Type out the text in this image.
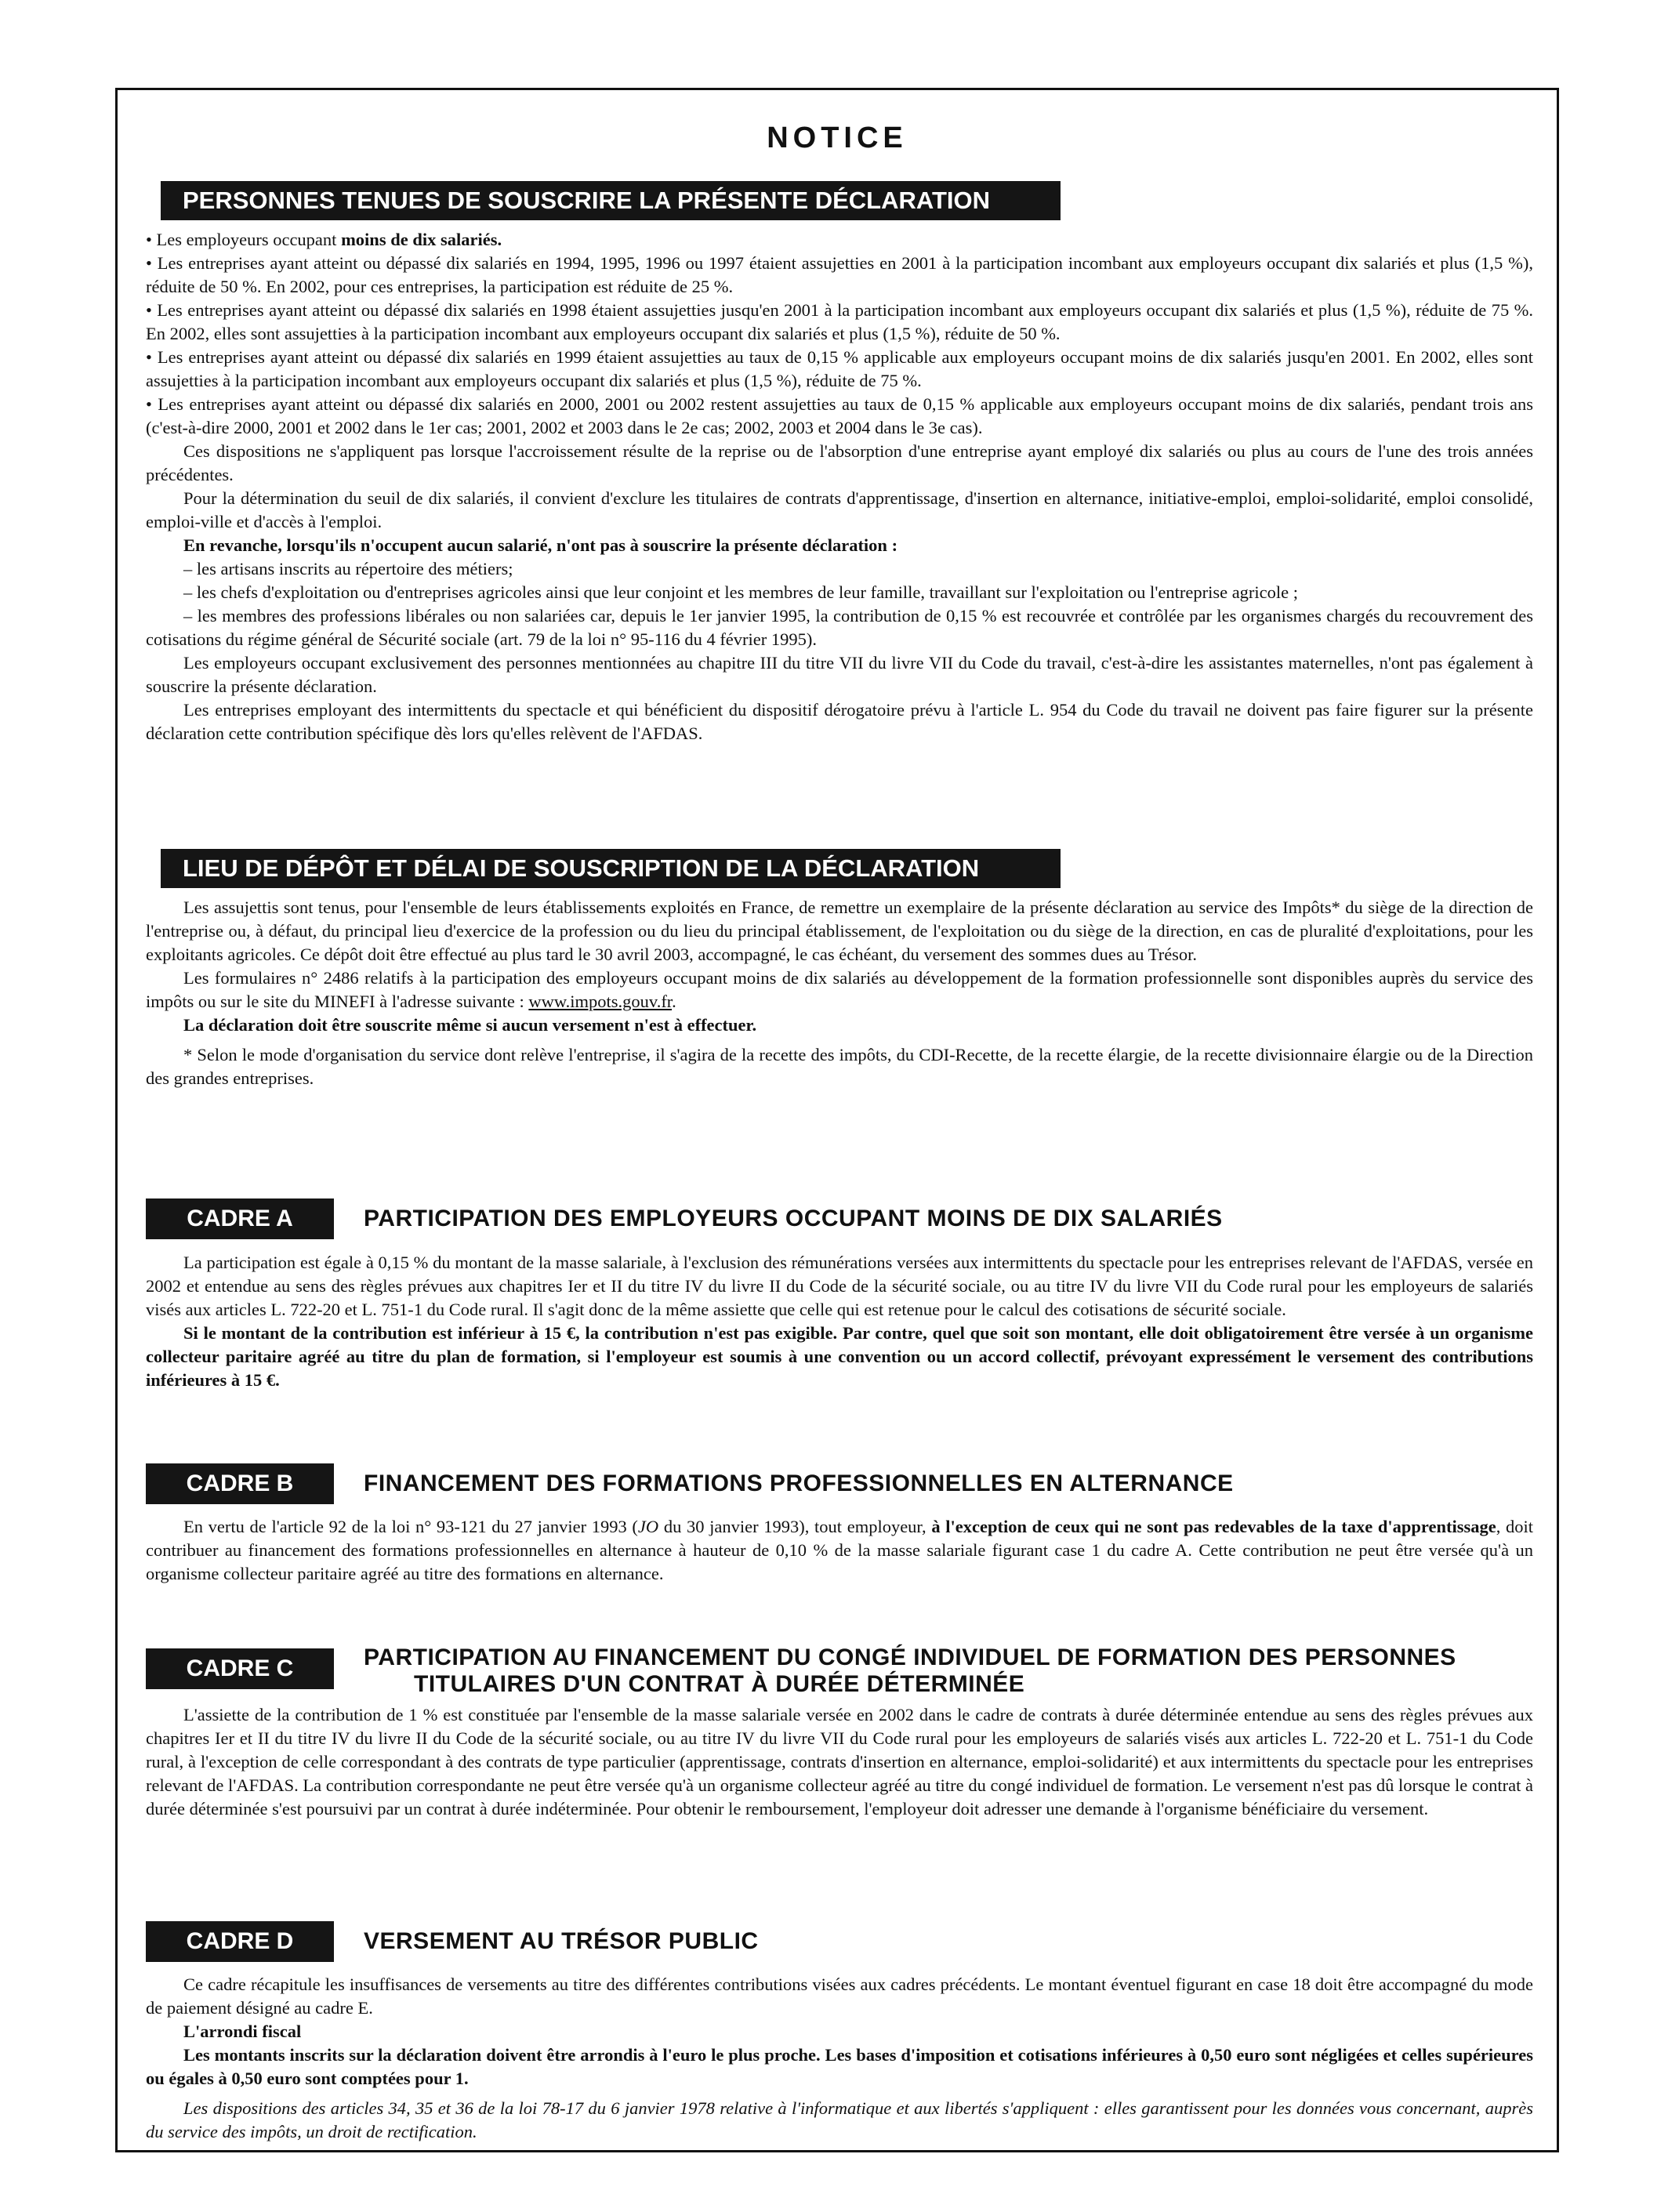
NOTICE
PERSONNES TENUES DE SOUSCRIRE LA PRÉSENTE DÉCLARATION

• Les employeurs occupant moins de dix salariés.

• Les entreprises ayant atteint ou dépassé dix salariés en 1994, 1995, 1996 ou 1997 étaient assujetties en 2001 à la participation incombant aux employeurs occupant dix salariés et plus (1,5 %), réduite de 50 %. En 2002, pour ces entreprises, la participation est réduite de 25 %.

• Les entreprises ayant atteint ou dépassé dix salariés en 1998 étaient assujetties jusqu'en 2001 à la participation incombant aux employeurs occupant dix salariés et plus (1,5 %), réduite de 75 %. En 2002, elles sont assujetties à la participation incombant aux employeurs occupant dix salariés et plus (1,5 %), réduite de 50 %.

• Les entreprises ayant atteint ou dépassé dix salariés en 1999 étaient assujetties au taux de 0,15 % applicable aux employeurs occupant moins de dix salariés jusqu'en 2001. En 2002, elles sont assujetties à la participation incombant aux employeurs occupant dix salariés et plus (1,5 %), réduite de 75 %.

• Les entreprises ayant atteint ou dépassé dix salariés en 2000, 2001 ou 2002 restent assujetties au taux de 0,15 % applicable aux employeurs occupant moins de dix salariés, pendant trois ans (c'est-à-dire 2000, 2001 et 2002 dans le 1er cas; 2001, 2002 et 2003 dans le 2e cas; 2002, 2003 et 2004 dans le 3e cas).

Ces dispositions ne s'appliquent pas lorsque l'accroissement résulte de la reprise ou de l'absorption d'une entreprise ayant employé dix salariés ou plus au cours de l'une des trois années précédentes.

Pour la détermination du seuil de dix salariés, il convient d'exclure les titulaires de contrats d'apprentissage, d'insertion en alternance, initiative-emploi, emploi-solidarité, emploi consolidé, emploi-ville et d'accès à l'emploi.

En revanche, lorsqu'ils n'occupent aucun salarié, n'ont pas à souscrire la présente déclaration :

– les artisans inscrits au répertoire des métiers;

– les chefs d'exploitation ou d'entreprises agricoles ainsi que leur conjoint et les membres de leur famille, travaillant sur l'exploitation ou l'entreprise agricole ;

– les membres des professions libérales ou non salariées car, depuis le 1er janvier 1995, la contribution de 0,15 % est recouvrée et contrôlée par les organismes chargés du recouvrement des cotisations du régime général de Sécurité sociale (art. 79 de la loi n° 95-116 du 4 février 1995).

Les employeurs occupant exclusivement des personnes mentionnées au chapitre III du titre VII du livre VII du Code du travail, c'est-à-dire les assistantes maternelles, n'ont pas également à souscrire la présente déclaration.

Les entreprises employant des intermittents du spectacle et qui bénéficient du dispositif dérogatoire prévu à l'article L. 954 du Code du travail ne doivent pas faire figurer sur la présente déclaration cette contribution spécifique dès lors qu'elles relèvent de l'AFDAS.

LIEU DE DÉPÔT ET DÉLAI DE SOUSCRIPTION DE LA DÉCLARATION

Les assujettis sont tenus, pour l'ensemble de leurs établissements exploités en France, de remettre un exemplaire de la présente déclaration au service des Impôts* du siège de la direction de l'entreprise ou, à défaut, du principal lieu d'exercice de la profession ou du lieu du principal établissement, de l'exploitation ou du siège de la direction, en cas de pluralité d'exploitations, pour les exploitants agricoles. Ce dépôt doit être effectué au plus tard le 30 avril 2003, accompagné, le cas échéant, du versement des sommes dues au Trésor.

Les formulaires n° 2486 relatifs à la participation des employeurs occupant moins de dix salariés au développement de la formation professionnelle sont disponibles auprès du service des impôts ou sur le site du MINEFI à l'adresse suivante : www.impots.gouv.fr.

La déclaration doit être souscrite même si aucun versement n'est à effectuer.

* Selon le mode d'organisation du service dont relève l'entreprise, il s'agira de la recette des impôts, du CDI-Recette, de la recette élargie, de la recette divisionnaire élargie ou de la Direction des grandes entreprises.

CADRE A	PARTICIPATION DES EMPLOYEURS OCCUPANT MOINS DE DIX SALARIÉS

La participation est égale à 0,15 % du montant de la masse salariale, à l'exclusion des rémunérations versées aux intermittents du spectacle pour les entreprises relevant de l'AFDAS, versée en 2002 et entendue au sens des règles prévues aux chapitres Ier et II du titre IV du livre II du Code de la sécurité sociale, ou au titre IV du livre VII du Code rural pour les employeurs de salariés visés aux articles L. 722-20 et L. 751-1 du Code rural. Il s'agit donc de la même assiette que celle qui est retenue pour le calcul des cotisations de sécurité sociale.

Si le montant de la contribution est inférieur à 15 €, la contribution n'est pas exigible. Par contre, quel que soit son montant, elle doit obligatoirement être versée à un organisme collecteur paritaire agréé au titre du plan de formation, si l'employeur est soumis à une convention ou un accord collectif, prévoyant expressément le versement des contributions inférieures à 15 €.

CADRE B	FINANCEMENT DES FORMATIONS PROFESSIONNELLES EN ALTERNANCE

En vertu de l'article 92 de la loi n° 93-121 du 27 janvier 1993 (JO du 30 janvier 1993), tout employeur, à l'exception de ceux qui ne sont pas redevables de la taxe d'apprentissage, doit contribuer au financement des formations professionnelles en alternance à hauteur de 0,10 % de la masse salariale figurant case 1 du cadre A. Cette contribution ne peut être versée qu'à un organisme collecteur paritaire agréé au titre des formations en alternance.

CADRE C	PARTICIPATION AU FINANCEMENT DU CONGÉ INDIVIDUEL DE FORMATION DES PERSONNES
TITULAIRES D'UN CONTRAT À DURÉE DÉTERMINÉE

L'assiette de la contribution de 1 % est constituée par l'ensemble de la masse salariale versée en 2002 dans le cadre de contrats à durée déterminée entendue au sens des règles prévues aux chapitres Ier et II du titre IV du livre II du Code de la sécurité sociale, ou au titre IV du livre VII du Code rural pour les employeurs de salariés visés aux articles L. 722-20 et L. 751-1 du Code rural, à l'exception de celle correspondant à des contrats de type particulier (apprentissage, contrats d'insertion en alternance, emploi-solidarité) et aux intermittents du spectacle pour les entreprises relevant de l'AFDAS. La contribution correspondante ne peut être versée qu'à un organisme collecteur agréé au titre du congé individuel de formation. Le versement n'est pas dû lorsque le contrat à durée déterminée s'est poursuivi par un contrat à durée indéterminée. Pour obtenir le remboursement, l'employeur doit adresser une demande à l'organisme bénéficiaire du versement.

CADRE D	VERSEMENT AU TRÉSOR PUBLIC

Ce cadre récapitule les insuffisances de versements au titre des différentes contributions visées aux cadres précédents. Le montant éventuel figurant en case 18 doit être accompagné du mode de paiement désigné au cadre E.

L'arrondi fiscal

Les montants inscrits sur la déclaration doivent être arrondis à l'euro le plus proche. Les bases d'imposition et cotisations inférieures à 0,50 euro sont négligées et celles supérieures ou égales à 0,50 euro sont comptées pour 1.

Les dispositions des articles 34, 35 et 36 de la loi 78-17 du 6 janvier 1978 relative à l'informatique et aux libertés s'appliquent : elles garantissent pour les données vous concernant, auprès du service des impôts, un droit de rectification.
